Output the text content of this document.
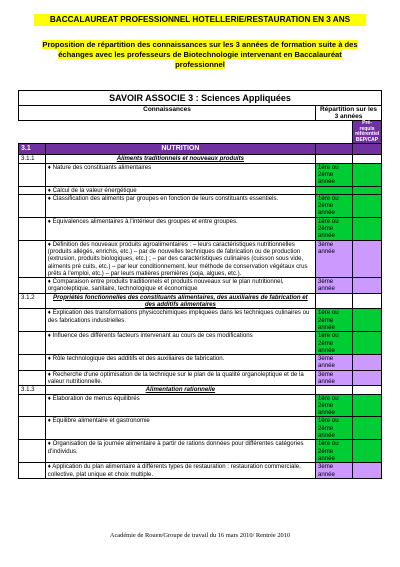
BACCALAUREAT PROFESSIONNEL HOTELLERIE/RESTAURATION EN 3 ANS
Proposition de répartition des connaissances sur les 3 années de formation suite à des échanges avec les professeurs de Biotechnologie intervenant en Baccalauréat professionnel
SAVOIR ASSOCIE 3 : Sciences Appliquées			
Connaissances		Répartition sur les 3 années	
			Pré-requis référentiel BEP/CAP
3.1	NUTRITION		
3.1.1	Aliments traditionnels et nouveaux produits		
	♦ Nature des constituants alimentaires	1ère ou 2ème année	
	♦ Calcul de la valeur énergétique		
	♦ Classification des aliments par groupes en fonction de leurs constituants essentiels.	1ère ou 2ème année	
	♦ Equivalences alimentaires à l'intérieur des groupes et entre groupes.	1ère ou 2ème année	
	♦ Définition des nouveaux produits agroalimentaires : – leurs caractéristiques nutritionnelles (produits allégés, enrichis, etc.) – par de nouvelles techniques de fabrication ou de production (extrusion, produits biologiques, etc.) ; – par des caractéristiques culinaires (cuisson sous vide, aliments pré cuits, etc.) – par leur conditionnement, leur méthode de conservation végétaux crus prêts à l'emploi, etc.) – par leurs matières premières (soja, algues, etc.).	3ème année	
	♦ Comparaison entre produits traditionnels et produits nouveaux sur le plan nutritionnel, organoleptique, sanitaire, technologique et économique	3ème année	
3.1.2	Propriétés fonctionnelles des constituants alimentaires, des auxiliaires de fabrication et des additifs alimentaires		
	♦ Explication des transformations physicochimiques impliquées dans les techniques culinaires ou des fabrications industrielles.	1ère ou 2ème année	
	♦ Influence des différents facteurs intervenant au cours de ces modifications	1ère ou 2ème année	
	♦ Rôle technologique des additifs et des auxiliaires de fabrication.	3ème année	
	♦ Recherche d'une optimisation de la technique sur le plan de la qualité organoleptique et de la valeur nutritionnelle.	3ème année	
3.1.3	Alimentation rationnelle		
	♦ Elaboration de menus équilibrés	1ère ou 2ème année	
	♦ Equilibre alimentaire et gastronomie	1ère ou 2ème année	
	♦ Organisation de la journée alimentaire à partir de rations données pour différentes catégories d'individus.	1ère ou 2ème année	
	♦ Application du plan alimentaire à différents types de restauration : restauration commerciale, collective, plat unique et choix multiple.	3ème année	
Académie de Rouen/Groupe de travail du 16 mars 2010/ Rentrée 2010
